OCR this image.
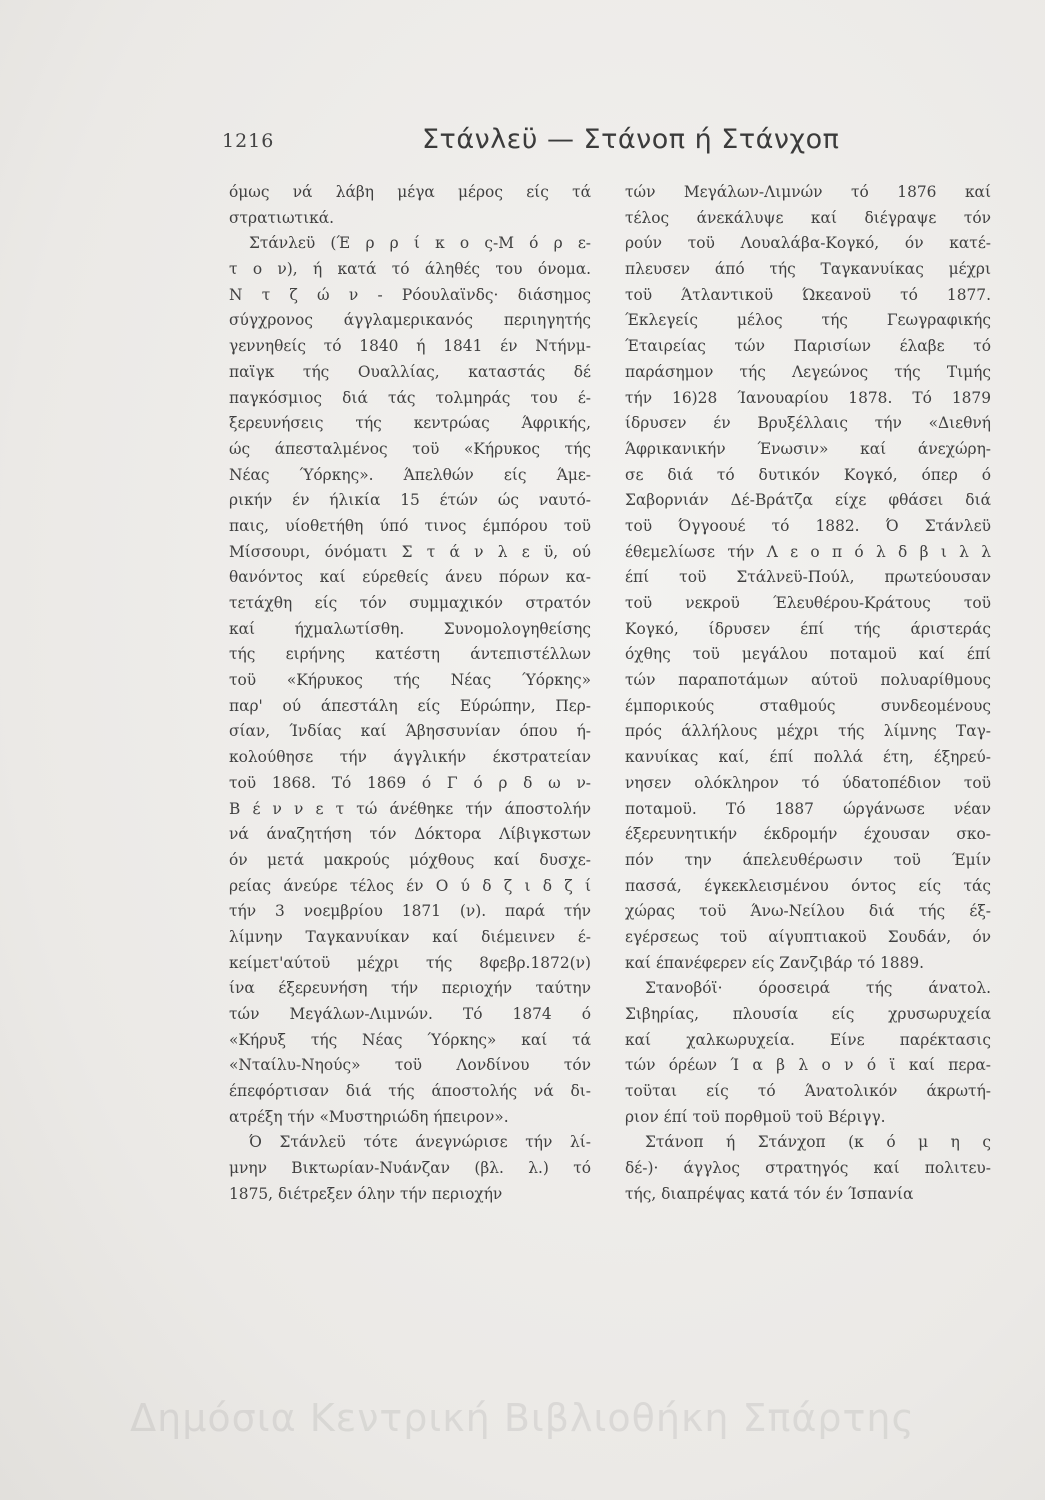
1216	Στάνλεϋ — Στάνοπ ή Στάνχοπ
όμως νά λάβη μέγα μέρος είς τά
στρατιωτικά.
Στάνλεϋ (Έ ρ ρ ί κ ο ς-Μ ό ρ ε-
τ ο ν), ή κατά τό άληθές του όνομα.
Ν τ ζ ώ ν - Ρόουλαϊνδς· διάσημος
σύγχρονος άγγλαμερικανός περιηγητής
γεννηθείς τό 1840 ή 1841 έν Ντήνμ-
παϊγκ τής Ουαλλίας, καταστάς δέ
παγκόσμιος διά τάς τολμηράς του έ-
ξερευνήσεις τής κεντρώας Άφρικής,
ώς άπεσταλμένος τοϋ «Κήρυκος τής
Νέας Ύόρκης». Άπελθών είς Άμε-
ρικήν έν ήλικία 15 έτών ώς ναυτό-
παις, υίοθετήθη ύπό τινος έμπόρου τοϋ
Μίσσουρι, όνόματι Σ τ ά ν λ ε ϋ, ού
θανόντος καί εύρεθείς άνευ πόρων κα-
τετάχθη είς τόν συμμαχικόν στρατόν
καί ήχμαλωτίσθη. Συνομολογηθείσης
τής ειρήνης κατέστη άντεπιστέλλων
τοϋ «Κήρυκος τής Νέας Ύόρκης»
παρ' ού άπεστάλη είς Εύρώπην, Περ-
σίαν, Ίνδίας καί Άβησσυνίαν όπου ή-
κολούθησε τήν άγγλικήν έκστρατείαν
τοϋ 1868. Τό 1869 ό Γ ό ρ δ ω ν-
Β έ ν ν ε τ τώ άνέθηκε τήν άποστολήν
νά άναζητήση τόν Δόκτορα Λίβιγκστων
όν μετά μακρούς μόχθους καί δυσχε-
ρείας άνεύρε τέλος έν Ο ύ δ ζ ι δ ζ ί
τήν 3 νοεμβρίου 1871 (ν). παρά τήν
λίμνην Ταγκανυίκαν καί διέμεινεν έ-
κείμετ'αύτοϋ μέχρι τής 8φεβρ.1872(ν)
ίνα έξερευνήση τήν περιοχήν ταύτην
τών Μεγάλων-Λιμνών. Τό 1874 ό
«Κήρυξ τής Νέας Ύόρκης» καί τά
«Νταίλυ-Νηούς» τοϋ Λονδίνου τόν
έπεφόρτισαν διά τής άποστολής νά δι-
ατρέξη τήν «Μυστηριώδη ήπειρον».
Ό Στάνλεϋ τότε άνεγνώρισε τήν λί-
μνην Βικτωρίαν-Νυάνζαν (βλ. λ.) τό
1875, διέτρεξεν όλην τήν περιοχήν
τών Μεγάλων-Λιμνών τό 1876 καί
τέλος άνεκάλυψε καί διέγραψε τόν
ρούν τοϋ Λουαλάβα-Κογκό, όν κατέ-
πλευσεν άπό τής Ταγκανυίκας μέχρι
τοϋ Άτλαντικοϋ Ώκεανοϋ τό 1877.
Έκλεγείς μέλος τής Γεωγραφικής
Έταιρείας τών Παρισίων έλαβε τό
παράσημον τής Λεγεώνος τής Τιμής
τήν 16)28 Ίανουαρίου 1878. Τό 1879
ίδρυσεν έν Βρυξέλλαις τήν «Διεθνή
Άφρικανικήν Ένωσιν» καί άνεχώρη-
σε διά τό δυτικόν Κογκό, όπερ ό
Σαβορνιάν Δέ-Βράτζα είχε φθάσει διά
τοϋ Όγγοουέ τό 1882. Ό Στάνλεϋ
έθεμελίωσε τήν Λ ε ο π ό λ δ β ι λ λ
έπί τοϋ Στάλνεϋ-Πούλ, πρωτεύουσαν
τοϋ νεκροϋ Έλευθέρου-Κράτους τοϋ
Κογκό, ίδρυσεν έπί τής άριστεράς
όχθης τοϋ μεγάλου ποταμοϋ καί έπί
τών παραποτάμων αύτοϋ πολυαρίθμους
έμπορικούς σταθμούς συνδεομένους
πρός άλλήλους μέχρι τής λίμνης Ταγ-
κανυίκας καί, έπί πολλά έτη, έξηρεύ-
νησεν ολόκληρον τό ύδατοπέδιον τοϋ
ποταμοϋ. Τό 1887 ώργάνωσε νέαν
έξερευνητικήν έκδρομήν έχουσαν σκο-
πόν την άπελευθέρωσιν τοϋ Έμίν
πασσά, έγκεκλεισμένου όντος είς τάς
χώρας τοϋ Άνω-Νείλου διά τής έξ-
εγέρσεως τοϋ αίγυπτιακοϋ Σουδάν, όν
καί έπανέφερεν είς Ζανζιβάρ τό 1889.
Στανοβόϊ· όροσειρά τής άνατολ.
Σιβηρίας, πλουσία είς χρυσωρυχεία
καί χαλκωρυχεία. Είνε παρέκτασις
τών όρέων Ί α β λ ο ν ό ϊ καί περα-
τοϋται είς τό Άνατολικόν άκρωτή-
ριον έπί τοϋ πορθμοϋ τοϋ Βέριγγ.
Στάνοπ ή Στάνχοπ (κ ό μ η ς
δέ-)· άγγλος στρατηγός καί πολιτευ-
τής, διαπρέψας κατά τόν έν Ίσπανία
Δημόσια Κεντρική Βιβλιοθήκη Σπάρτης
